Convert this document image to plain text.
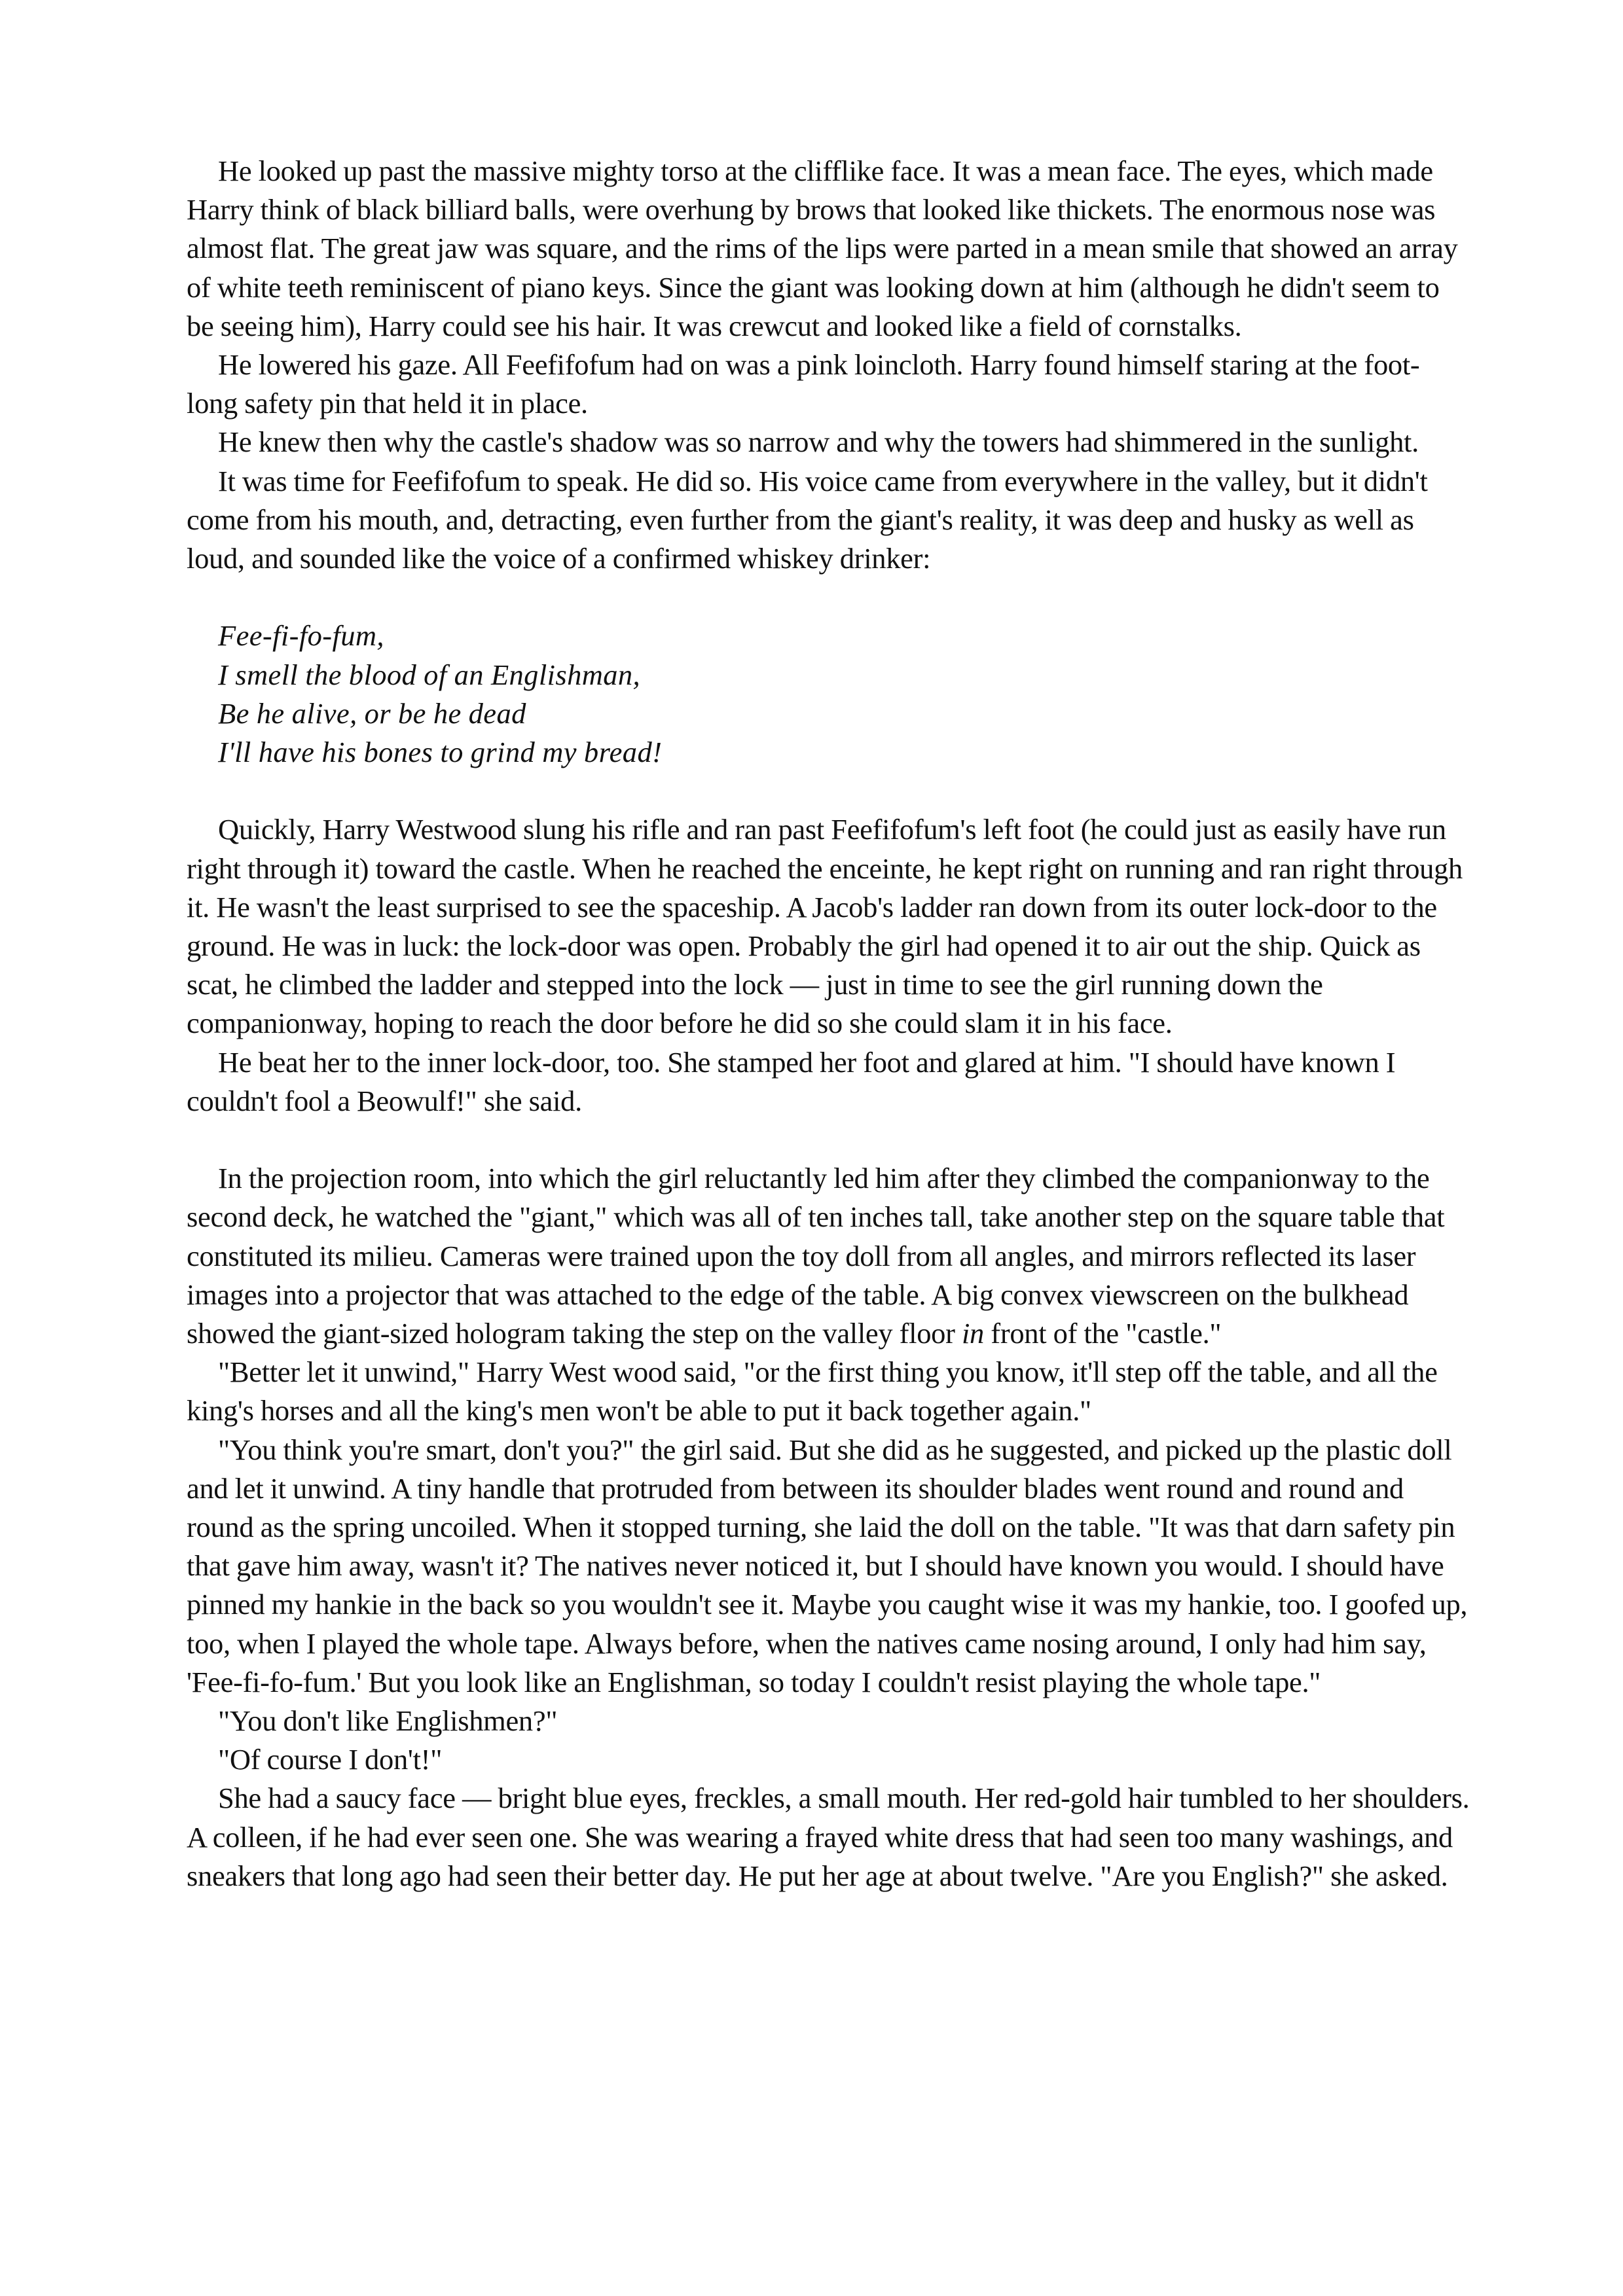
He looked up past the massive mighty torso at the clifflike face. It was a mean face. The eyes, which made Harry think of black billiard balls, were overhung by brows that looked like thickets. The enormous nose was almost flat. The great jaw was square, and the rims of the lips were parted in a mean smile that showed an array of white teeth reminiscent of piano keys. Since the giant was looking down at him (although he didn't seem to be seeing him), Harry could see his hair. It was crewcut and looked like a field of cornstalks.

He lowered his gaze. All Feefifofum had on was a pink loincloth. Harry found himself staring at the foot-long safety pin that held it in place.

He knew then why the castle's shadow was so narrow and why the towers had shimmered in the sunlight.

It was time for Feefifofum to speak. He did so. His voice came from everywhere in the valley, but it didn't come from his mouth, and, detracting, even further from the giant's reality, it was deep and husky as well as loud, and sounded like the voice of a confirmed whiskey drinker:

Fee-fi-fo-fum,
I smell the blood of an Englishman,
Be he alive, or be he dead
I'll have his bones to grind my bread!

Quickly, Harry Westwood slung his rifle and ran past Feefifofum's left foot (he could just as easily have run right through it) toward the castle. When he reached the enceinte, he kept right on running and ran right through it. He wasn't the least surprised to see the spaceship. A Jacob's ladder ran down from its outer lock-door to the ground. He was in luck: the lock-door was open. Probably the girl had opened it to air out the ship. Quick as scat, he climbed the ladder and stepped into the lock — just in time to see the girl running down the companionway, hoping to reach the door before he did so she could slam it in his face.

He beat her to the inner lock-door, too. She stamped her foot and glared at him. "I should have known I couldn't fool a Beowulf!" she said.

In the projection room, into which the girl reluctantly led him after they climbed the companionway to the second deck, he watched the "giant," which was all of ten inches tall, take another step on the square table that constituted its milieu. Cameras were trained upon the toy doll from all angles, and mirrors reflected its laser images into a projector that was attached to the edge of the table. A big convex viewscreen on the bulkhead showed the giant-sized hologram taking the step on the valley floor in front of the "castle."

"Better let it unwind," Harry West wood said, "or the first thing you know, it'll step off the table, and all the king's horses and all the king's men won't be able to put it back together again."

"You think you're smart, don't you?" the girl said. But she did as he suggested, and picked up the plastic doll and let it unwind. A tiny handle that protruded from between its shoulder blades went round and round and round as the spring uncoiled. When it stopped turning, she laid the doll on the table. "It was that darn safety pin that gave him away, wasn't it? The natives never noticed it, but I should have known you would. I should have pinned my hankie in the back so you wouldn't see it. Maybe you caught wise it was my hankie, too. I goofed up, too, when I played the whole tape. Always before, when the natives came nosing around, I only had him say, 'Fee-fi-fo-fum.' But you look like an Englishman, so today I couldn't resist playing the whole tape."

"You don't like Englishmen?"

"Of course I don't!"

She had a saucy face — bright blue eyes, freckles, a small mouth. Her red-gold hair tumbled to her shoulders. A colleen, if he had ever seen one. She was wearing a frayed white dress that had seen too many washings, and sneakers that long ago had seen their better day. He put her age at about twelve. "Are you English?" she asked.
